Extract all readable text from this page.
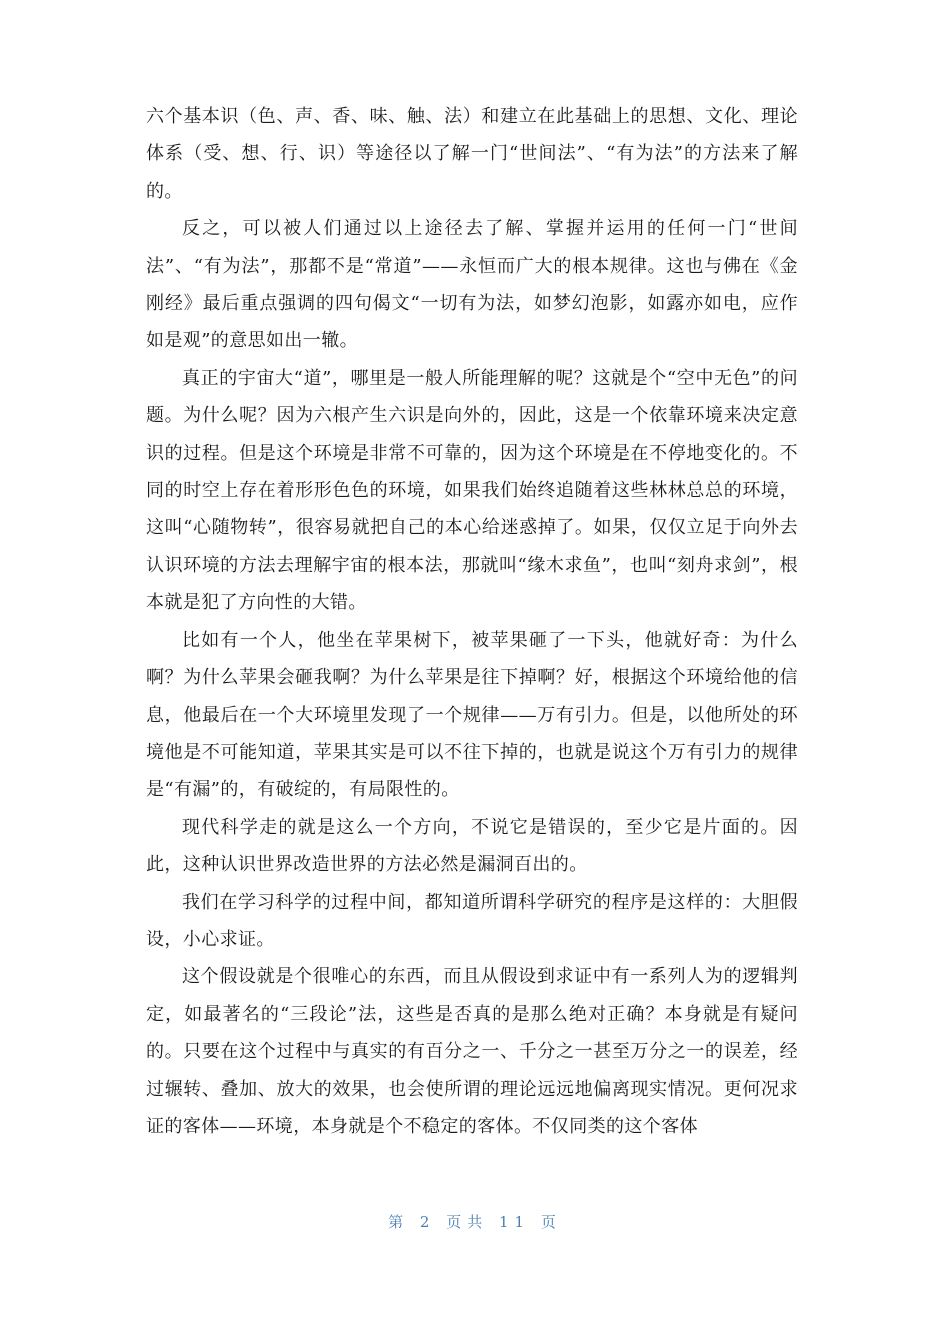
六个基本识（色、声、香、味、触、法）和建立在此基础上的思想、文化、理论体系（受、想、行、识）等途径以了解一门“世间法”、“有为法”的方法来了解的。

反之，可以被人们通过以上途径去了解、掌握并运用的任何一门“世间法”、“有为法”，那都不是“常道”——永恒而广大的根本规律。这也与佛在《金刚经》最后重点强调的四句偈文“一切有为法，如梦幻泡影，如露亦如电，应作如是观”的意思如出一辙。

真正的宇宙大“道”，哪里是一般人所能理解的呢？这就是个“空中无色”的问题。为什么呢？因为六根产生六识是向外的，因此，这是一个依靠环境来决定意识的过程。但是这个环境是非常不可靠的，因为这个环境是在不停地变化的。不同的时空上存在着形形色色的环境，如果我们始终追随着这些林林总总的环境，这叫“心随物转”，很容易就把自己的本心给迷惑掉了。如果，仅仅立足于向外去认识环境的方法去理解宇宙的根本法，那就叫“缘木求鱼”，也叫“刻舟求剑”，根本就是犯了方向性的大错。

比如有一个人，他坐在苹果树下，被苹果砸了一下头，他就好奇：为什么啊？为什么苹果会砸我啊？为什么苹果是往下掉啊？好，根据这个环境给他的信息，他最后在一个大环境里发现了一个规律——万有引力。但是，以他所处的环境他是不可能知道，苹果其实是可以不往下掉的，也就是说这个万有引力的规律是“有漏”的，有破绽的，有局限性的。

现代科学走的就是这么一个方向，不说它是错误的，至少它是片面的。因此，这种认识世界改造世界的方法必然是漏洞百出的。

我们在学习科学的过程中间，都知道所谓科学研究的程序是这样的：大胆假设，小心求证。

这个假设就是个很唯心的东西，而且从假设到求证中有一系列人为的逻辑判定，如最著名的“三段论”法，这些是否真的是那么绝对正确？本身就是有疑问的。只要在这个过程中与真实的有百分之一、千分之一甚至万分之一的误差，经过辗转、叠加、放大的效果，也会使所谓的理论远远地偏离现实情况。更何况求证的客体——环境，本身就是个不稳定的客体。不仅同类的这个客体

第 2 页共 11 页
